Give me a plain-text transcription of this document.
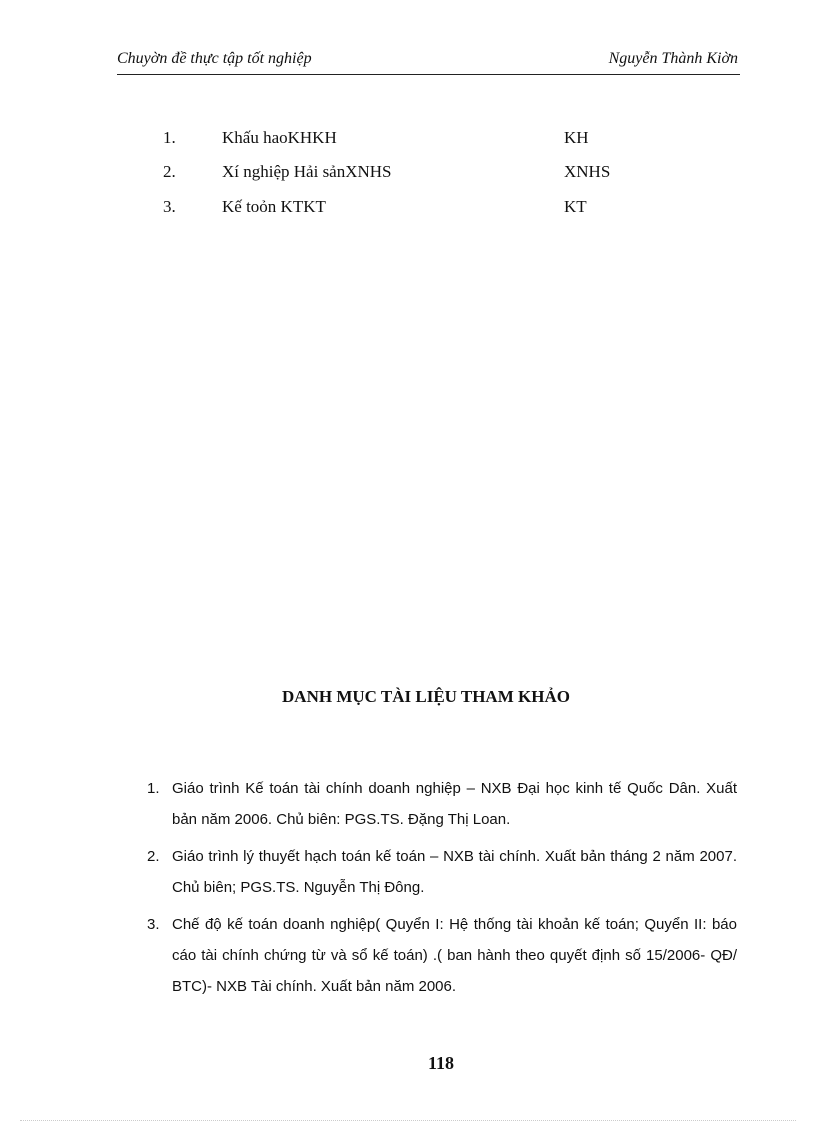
Chuyờn đề thực tập tốt nghiệp	Nguyễn Thành Kiờn
1.	Khấu haoKHKH	KH
2.	Xí nghiệp Hải sảnXNHS	XNHS
3.	Kế toỏn KTKT	KT
DANH MỤC TÀI LIỆU THAM KHẢO
1. Giáo trình Kế toán tài chính doanh nghiệp – NXB Đại học kinh tế Quốc Dân. Xuất bản năm 2006. Chủ biên: PGS.TS. Đặng Thị Loan.
2. Giáo trình lý thuyết hạch toán kế toán – NXB tài chính. Xuất bản tháng 2 năm 2007. Chủ biên; PGS.TS. Nguyễn Thị Đông.
3. Chế độ kế toán doanh nghiệp( Quyển I: Hệ thống tài khoản kế toán; Quyển II: báo cáo tài chính chứng từ và sổ kế toán) .( ban hành theo quyết định số 15/2006- QĐ/ BTC)- NXB Tài chính. Xuất bản năm 2006.
118
